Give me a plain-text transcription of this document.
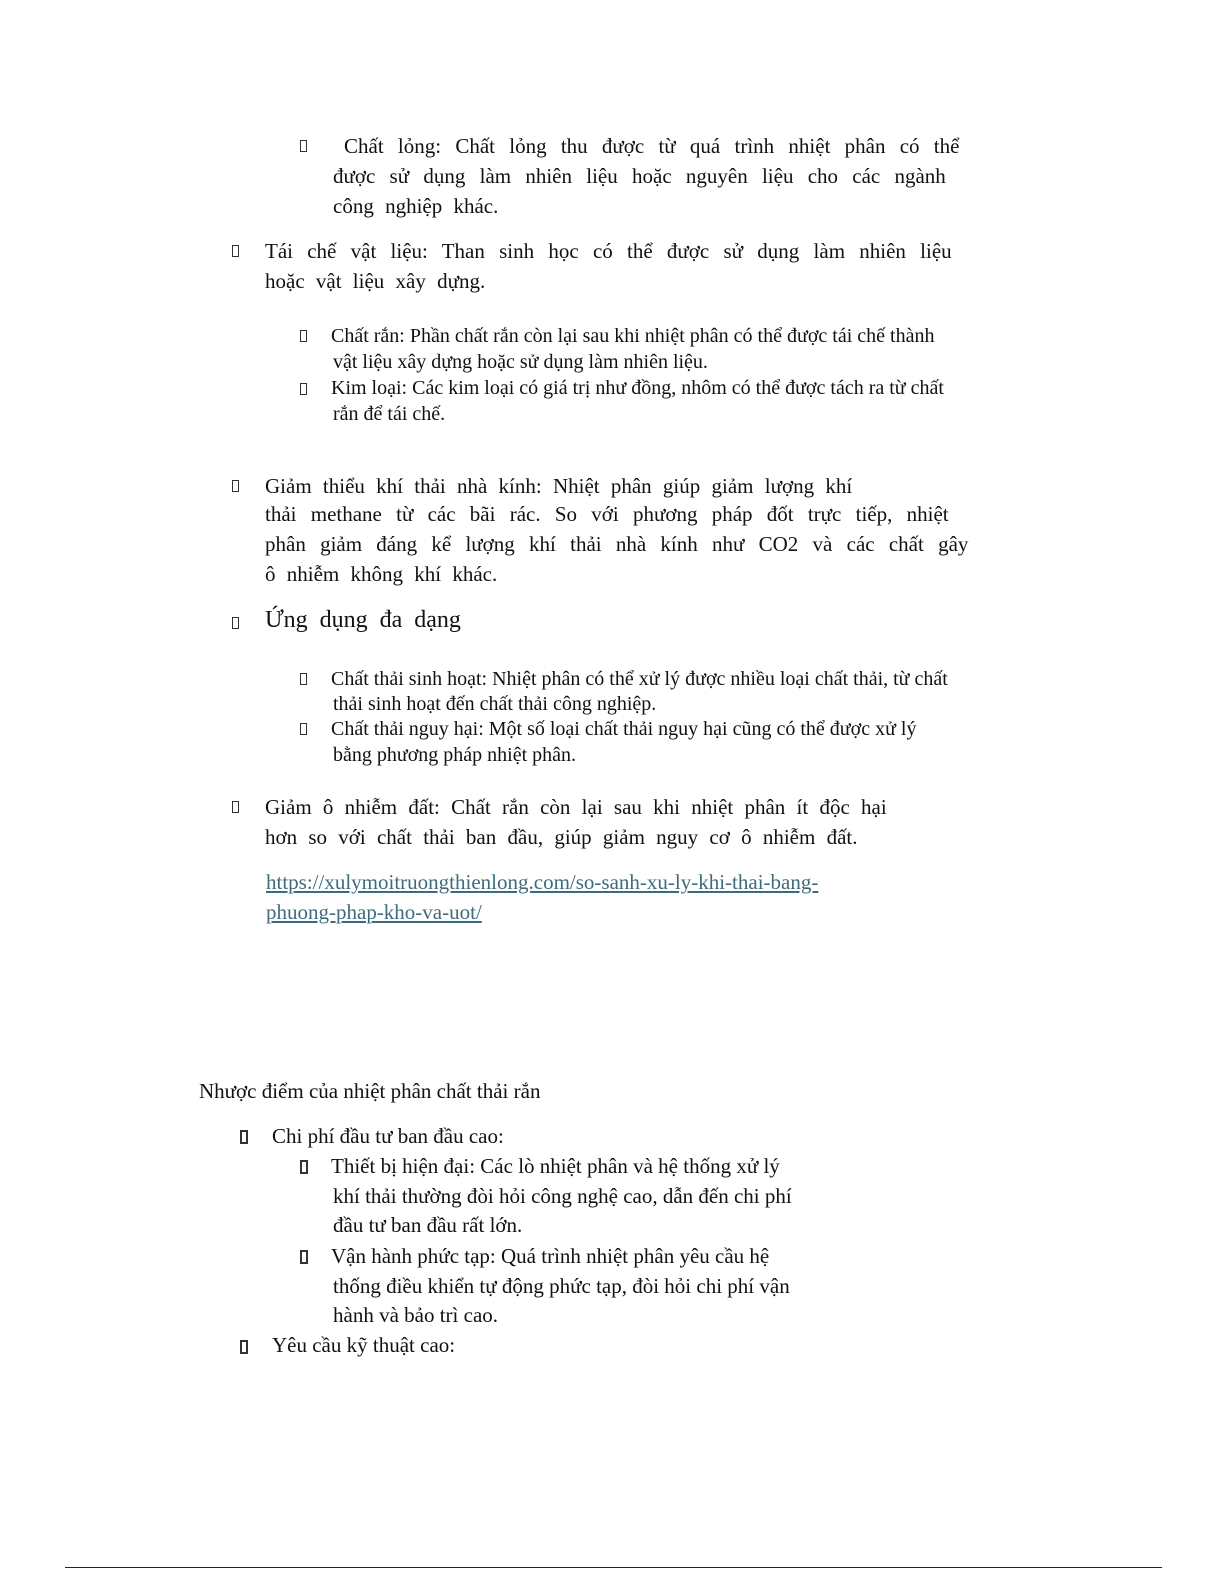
Chất lỏng: Chất lỏng thu được từ quá trình nhiệt phân có thể

được sử dụng làm nhiên liệu hoặc nguyên liệu cho các ngành

công nghiệp khác.

Tái chế vật liệu: Than sinh học có thể được sử dụng làm nhiên liệu

hoặc vật liệu xây dựng.

Chất rắn: Phần chất rắn còn lại sau khi nhiệt phân có thể được tái chế thành

vật liệu xây dựng hoặc sử dụng làm nhiên liệu.

Kim loại: Các kim loại có giá trị như đồng, nhôm có thể được tách ra từ chất

rắn để tái chế.

Giảm thiểu khí thải nhà kính: Nhiệt phân giúp giảm lượng khí

thải methane từ các bãi rác. So với phương pháp đốt trực tiếp, nhiệt

phân giảm đáng kể lượng khí thải nhà kính như CO2 và các chất gây

ô nhiễm không khí khác.

Ứng dụng đa dạng

Chất thải sinh hoạt: Nhiệt phân có thể xử lý được nhiều loại chất thải, từ chất

thải sinh hoạt đến chất thải công nghiệp.

Chất thải nguy hại: Một số loại chất thải nguy hại cũng có thể được xử lý

bằng phương pháp nhiệt phân.

Giảm ô nhiễm đất: Chất rắn còn lại sau khi nhiệt phân ít độc hại

hơn so với chất thải ban đầu, giúp giảm nguy cơ ô nhiễm đất.

https://xulymoitruongthienlong.com/so-sanh-xu-ly-khi-thai-bang-

phuong-phap-kho-va-uot/

Nhược điểm của nhiệt phân chất thải rắn

Chi phí đầu tư ban đầu cao:

Thiết bị hiện đại: Các lò nhiệt phân và hệ thống xử lý

khí thải thường đòi hỏi công nghệ cao, dẫn đến chi phí

đầu tư ban đầu rất lớn.

Vận hành phức tạp: Quá trình nhiệt phân yêu cầu hệ

thống điều khiển tự động phức tạp, đòi hỏi chi phí vận

hành và bảo trì cao.

Yêu cầu kỹ thuật cao:
